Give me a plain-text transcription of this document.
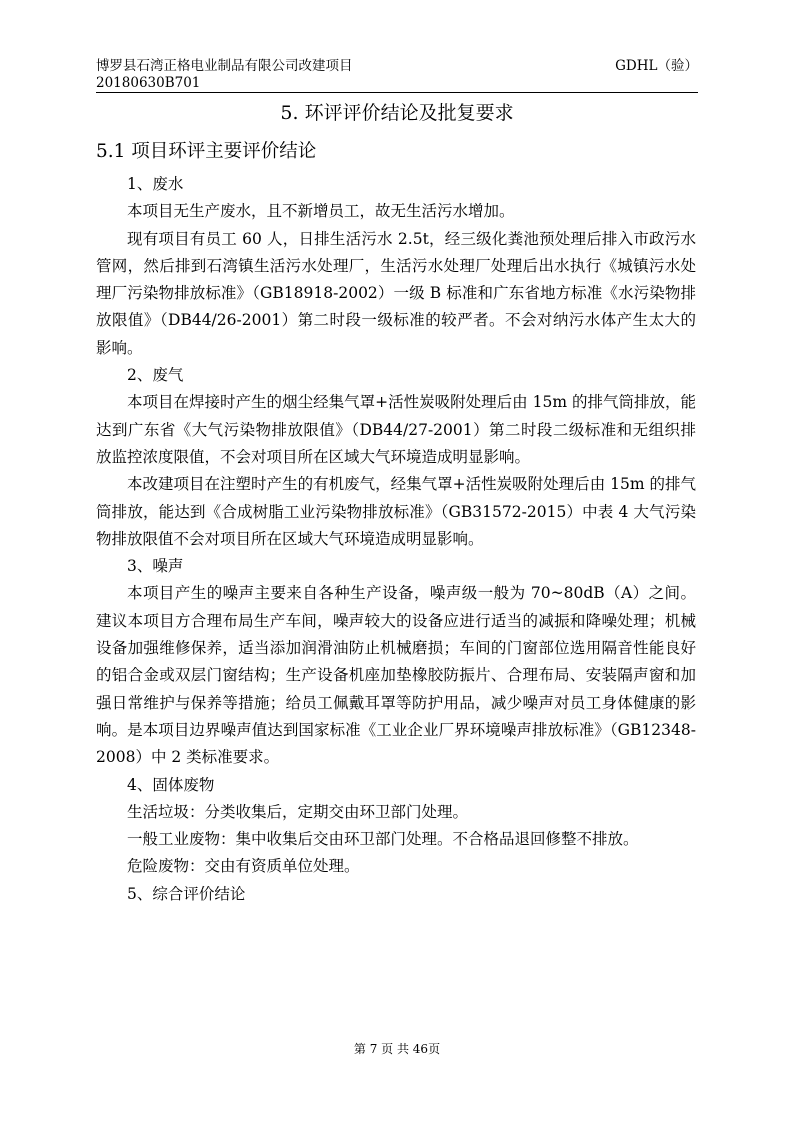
博罗县石湾正格电业制品有限公司改建项目	GDHL（验）
20180630B701
5. 环评评价结论及批复要求
5.1 项目环评主要评价结论

1、废水

本项目无生产废水，且不新增员工，故无生活污水增加。

现有项目有员工 60 人，日排生活污水 2.5t，经三级化粪池预处理后排入市政污水管网，然后排到石湾镇生活污水处理厂，生活污水处理厂处理后出水执行《城镇污水处理厂污染物排放标准》（GB18918-2002）一级 B 标准和广东省地方标准《水污染物排放限值》（DB44/26-2001）第二时段一级标准的较严者。不会对纳污水体产生太大的影响。

2、废气

本项目在焊接时产生的烟尘经集气罩+活性炭吸附处理后由 15m 的排气筒排放，能达到广东省《大气污染物排放限值》（DB44/27-2001）第二时段二级标准和无组织排放监控浓度限值，不会对项目所在区域大气环境造成明显影响。

本改建项目在注塑时产生的有机废气，经集气罩+活性炭吸附处理后由 15m 的排气筒排放，能达到《合成树脂工业污染物排放标准》（GB31572-2015）中表 4 大气污染物排放限值不会对项目所在区域大气环境造成明显影响。

3、噪声

本项目产生的噪声主要来自各种生产设备，噪声级一般为 70~80dB（A）之间。建议本项目方合理布局生产车间，噪声较大的设备应进行适当的减振和降噪处理；机械设备加强维修保养，适当添加润滑油防止机械磨损；车间的门窗部位选用隔音性能良好的铝合金或双层门窗结构；生产设备机座加垫橡胶防振片、合理布局、安装隔声窗和加强日常维护与保养等措施；给员工佩戴耳罩等防护用品，减少噪声对员工身体健康的影响。是本项目边界噪声值达到国家标准《工业企业厂界环境噪声排放标准》（GB12348-2008）中 2 类标准要求。

4、固体废物

生活垃圾：分类收集后，定期交由环卫部门处理。

一般工业废物：集中收集后交由环卫部门处理。不合格品退回修整不排放。

危险废物：交由有资质单位处理。

5、综合评价结论

第 7 页 共 46页
